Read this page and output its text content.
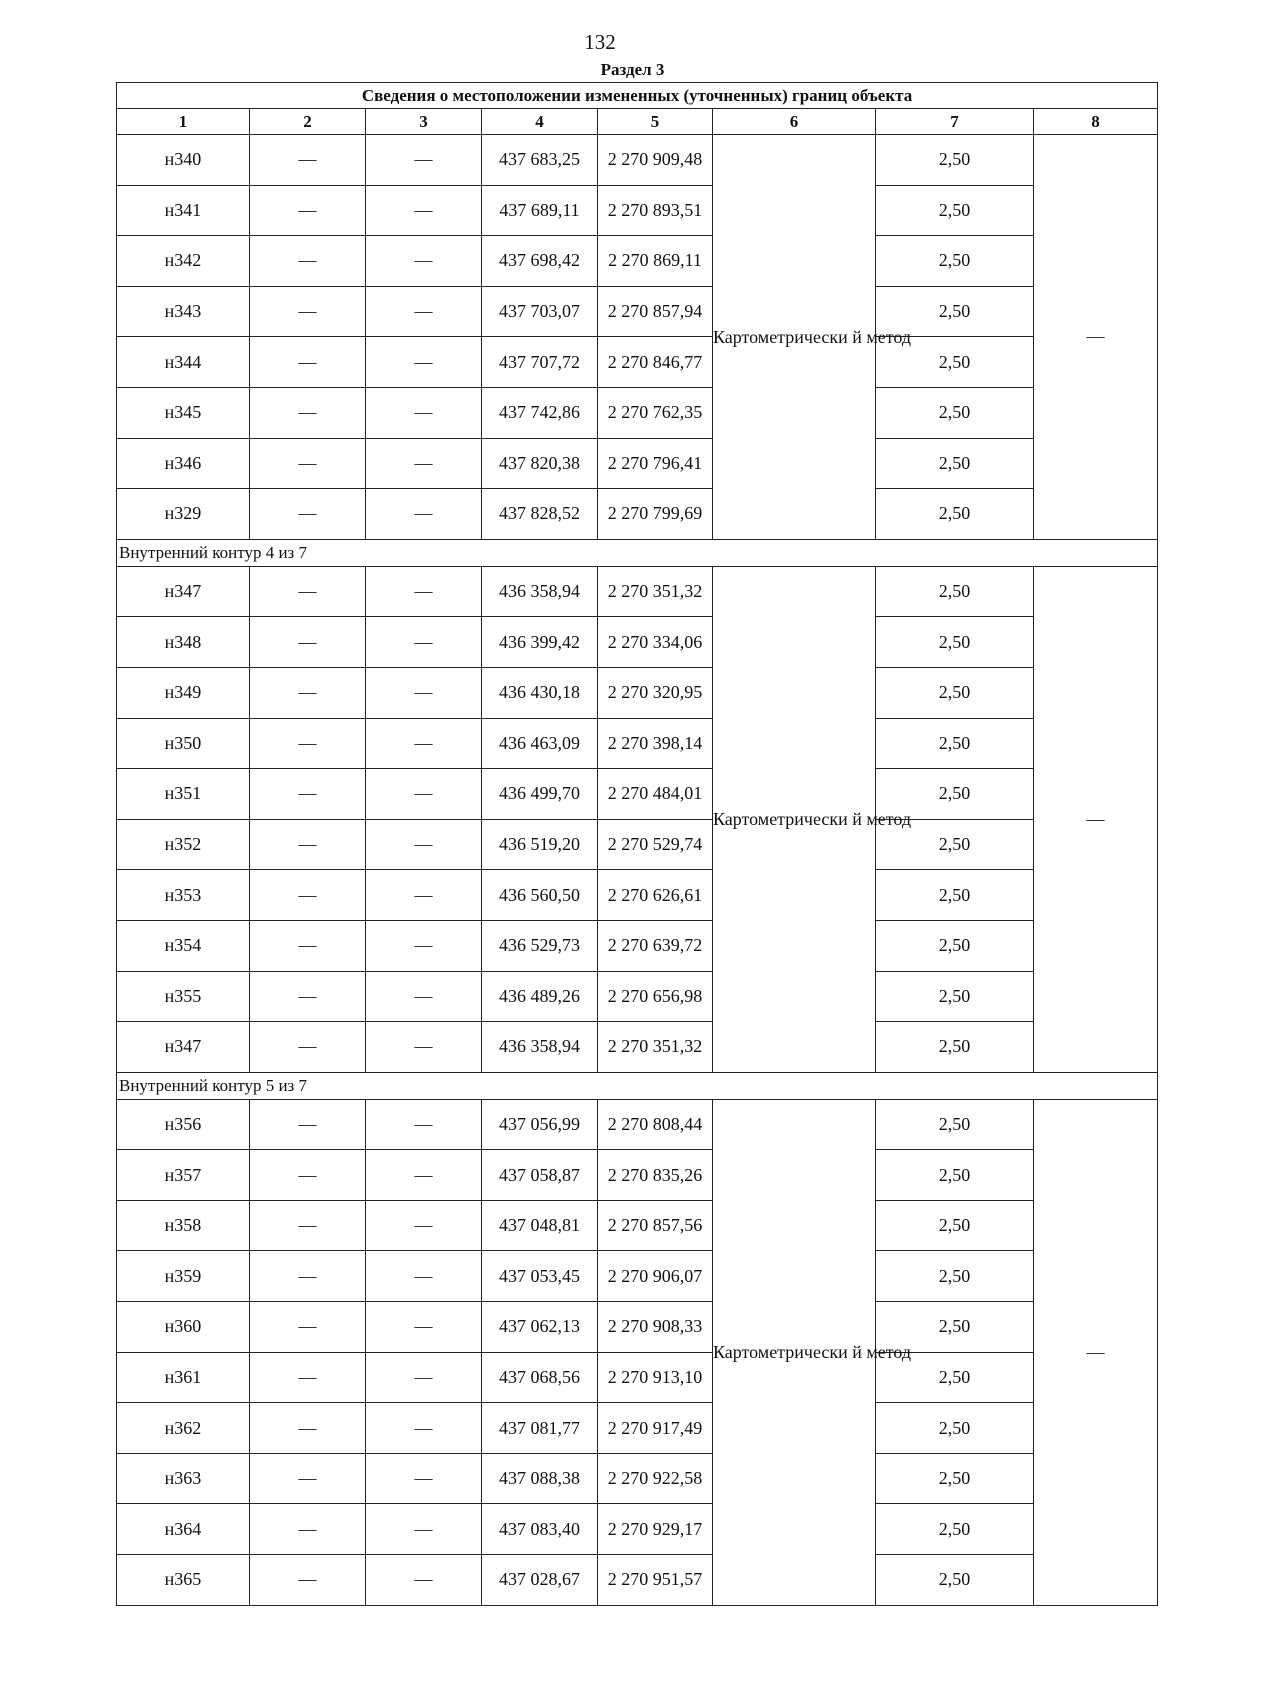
132
Раздел 3
Сведения о местоположении измененных (уточненных) границ объекта							
1	2	3	4	5	6	7	8
н340	—	—	437 683,25	2 270 909,48	Картометрически й метод	2,50	—
н341	—	—	437 689,11	2 270 893,51		2,50	
н342	—	—	437 698,42	2 270 869,11		2,50	
н343	—	—	437 703,07	2 270 857,94		2,50	
н344	—	—	437 707,72	2 270 846,77		2,50	
н345	—	—	437 742,86	2 270 762,35		2,50	
н346	—	—	437 820,38	2 270 796,41		2,50	
н329	—	—	437 828,52	2 270 799,69		2,50	
Внутренний контур 4 из 7							
н347	—	—	436 358,94	2 270 351,32	Картометрически й метод	2,50	—
н348	—	—	436 399,42	2 270 334,06		2,50	
н349	—	—	436 430,18	2 270 320,95		2,50	
н350	—	—	436 463,09	2 270 398,14		2,50	
н351	—	—	436 499,70	2 270 484,01		2,50	
н352	—	—	436 519,20	2 270 529,74		2,50	
н353	—	—	436 560,50	2 270 626,61		2,50	
н354	—	—	436 529,73	2 270 639,72		2,50	
н355	—	—	436 489,26	2 270 656,98		2,50	
н347	—	—	436 358,94	2 270 351,32		2,50	
Внутренний контур 5 из 7							
н356	—	—	437 056,99	2 270 808,44	Картометрически й метод	2,50	—
н357	—	—	437 058,87	2 270 835,26		2,50	
н358	—	—	437 048,81	2 270 857,56		2,50	
н359	—	—	437 053,45	2 270 906,07		2,50	
н360	—	—	437 062,13	2 270 908,33		2,50	
н361	—	—	437 068,56	2 270 913,10		2,50	
н362	—	—	437 081,77	2 270 917,49		2,50	
н363	—	—	437 088,38	2 270 922,58		2,50	
н364	—	—	437 083,40	2 270 929,17		2,50	
н365	—	—	437 028,67	2 270 951,57		2,50	
